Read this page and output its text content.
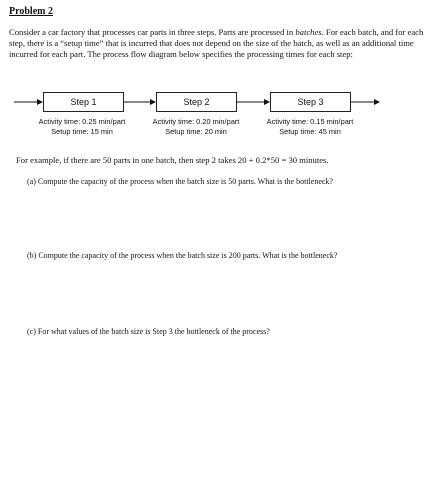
Problem 2
Consider a car factory that processes car parts in three steps. Parts are processed in batches. For each batch, and for each step, there is a “setup time” that is incurred that does not depend on the size of the batch, as well as an additional time incurred for each part. The process flow diagram below specifies the processing times for each step:
Step 1	Step 2	Step 3
Activity time: 0.25 min/part
Setup time: 15 min
Activity time: 0.20 min/part
Setup time: 20 min
Activity time: 0.15 min/part
Setup time: 45 min
For example, if there are 50 parts in one batch, then step 2 takes 20 + 0.2*50 = 30 minutes.
(a) Compute the capacity of the process when the batch size is 50 parts. What is the bottleneck?
(b) Compute the capacity of the process when the batch size is 200 parts. What is the bottleneck?
(c) For what values of the batch size is Step 3 the bottleneck of the process?
